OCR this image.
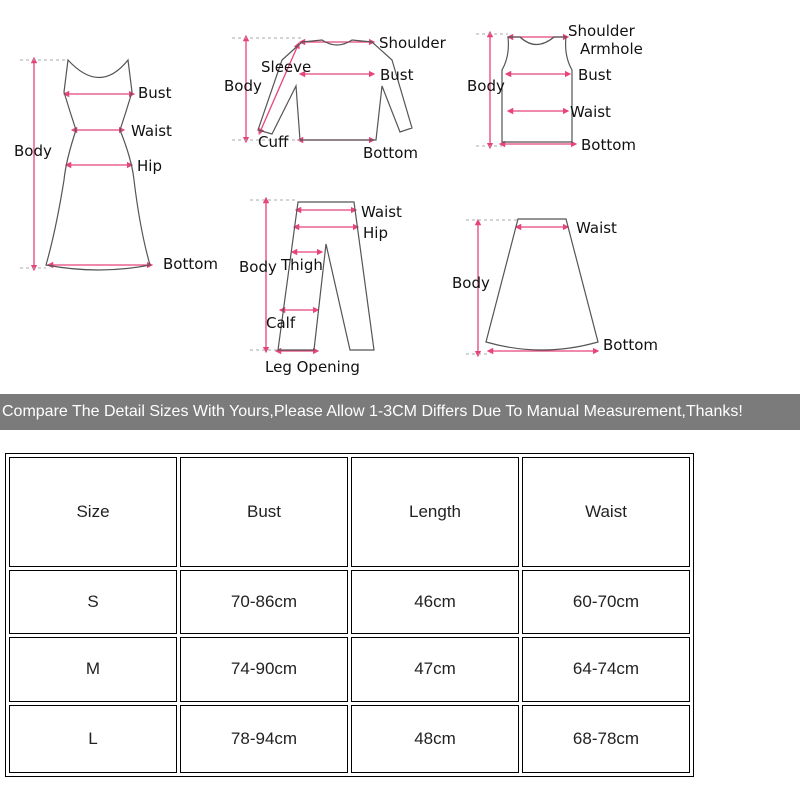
Body
Bust
Waist
Hip
Bottom
Shoulder
Sleeve	Bust
Body
Cuff
Bottom
Shoulder
Armhole
Bust
Body
Waist
Bottom
Waist
Hip
Body Thigh
Calf
Leg Opening
Waist
Body
Bottom
Compare The Detail Sizes With Yours,Please Allow 1-3CM Differs Due To Manual Measurement,Thanks!
Size	Bust	Length	Waist
S	70-86cm	46cm	60-70cm
M	74-90cm	47cm	64-74cm
L	78-94cm	48cm	68-78cm
